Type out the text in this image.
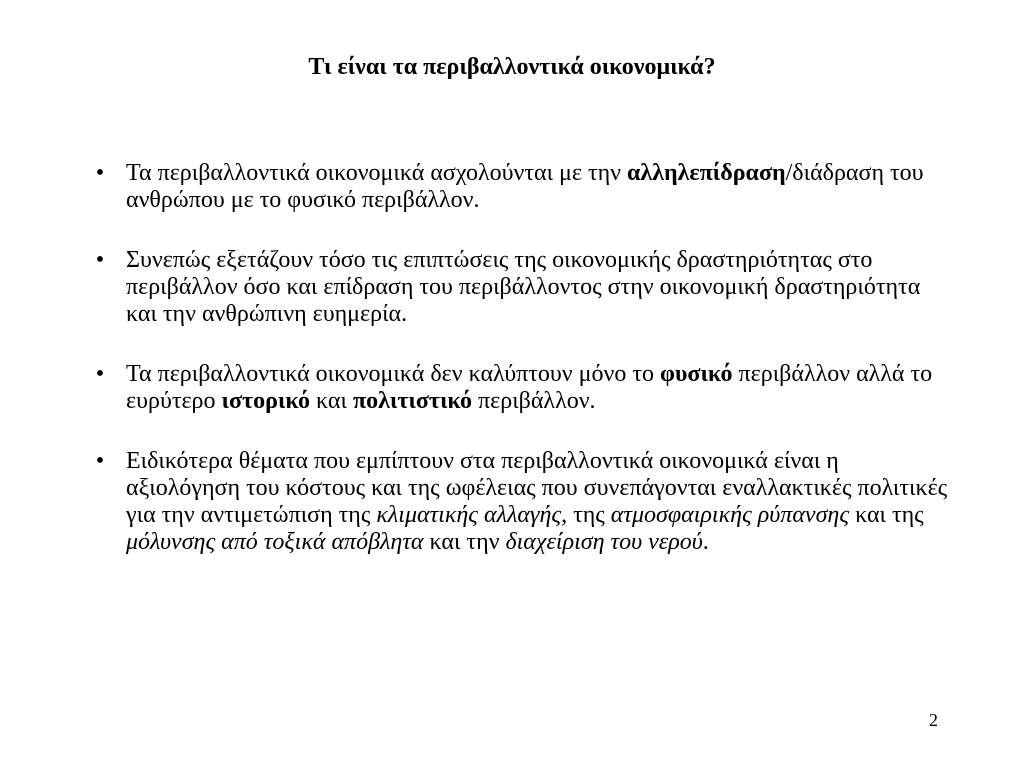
Τι είναι τα περιβαλλοντικά οικονομικά?
• Τα περιβαλλοντικά οικονομικά ασχολούνται με την αλληλεπίδραση/διάδραση του ανθρώπου με το φυσικό περιβάλλον.
• Συνεπώς εξετάζουν τόσο τις επιπτώσεις της οικονομικής δραστηριότητας στο περιβάλλον όσο και επίδραση του περιβάλλοντος στην οικονομική δραστηριότητα και την ανθρώπινη ευημερία.
• Τα περιβαλλοντικά οικονομικά δεν καλύπτουν μόνο το φυσικό περιβάλλον αλλά το ευρύτερο ιστορικό και πολιτιστικό περιβάλλον.
• Ειδικότερα θέματα που εμπίπτουν στα περιβαλλοντικά οικονομικά είναι η αξιολόγηση του κόστους και της ωφέλειας που συνεπάγονται εναλλακτικές πολιτικές για την αντιμετώπιση της κλιματικής αλλαγής, της ατμοσφαιρικής ρύπανσης και της μόλυνσης από τοξικά απόβλητα και την διαχείριση του νερού.
2
